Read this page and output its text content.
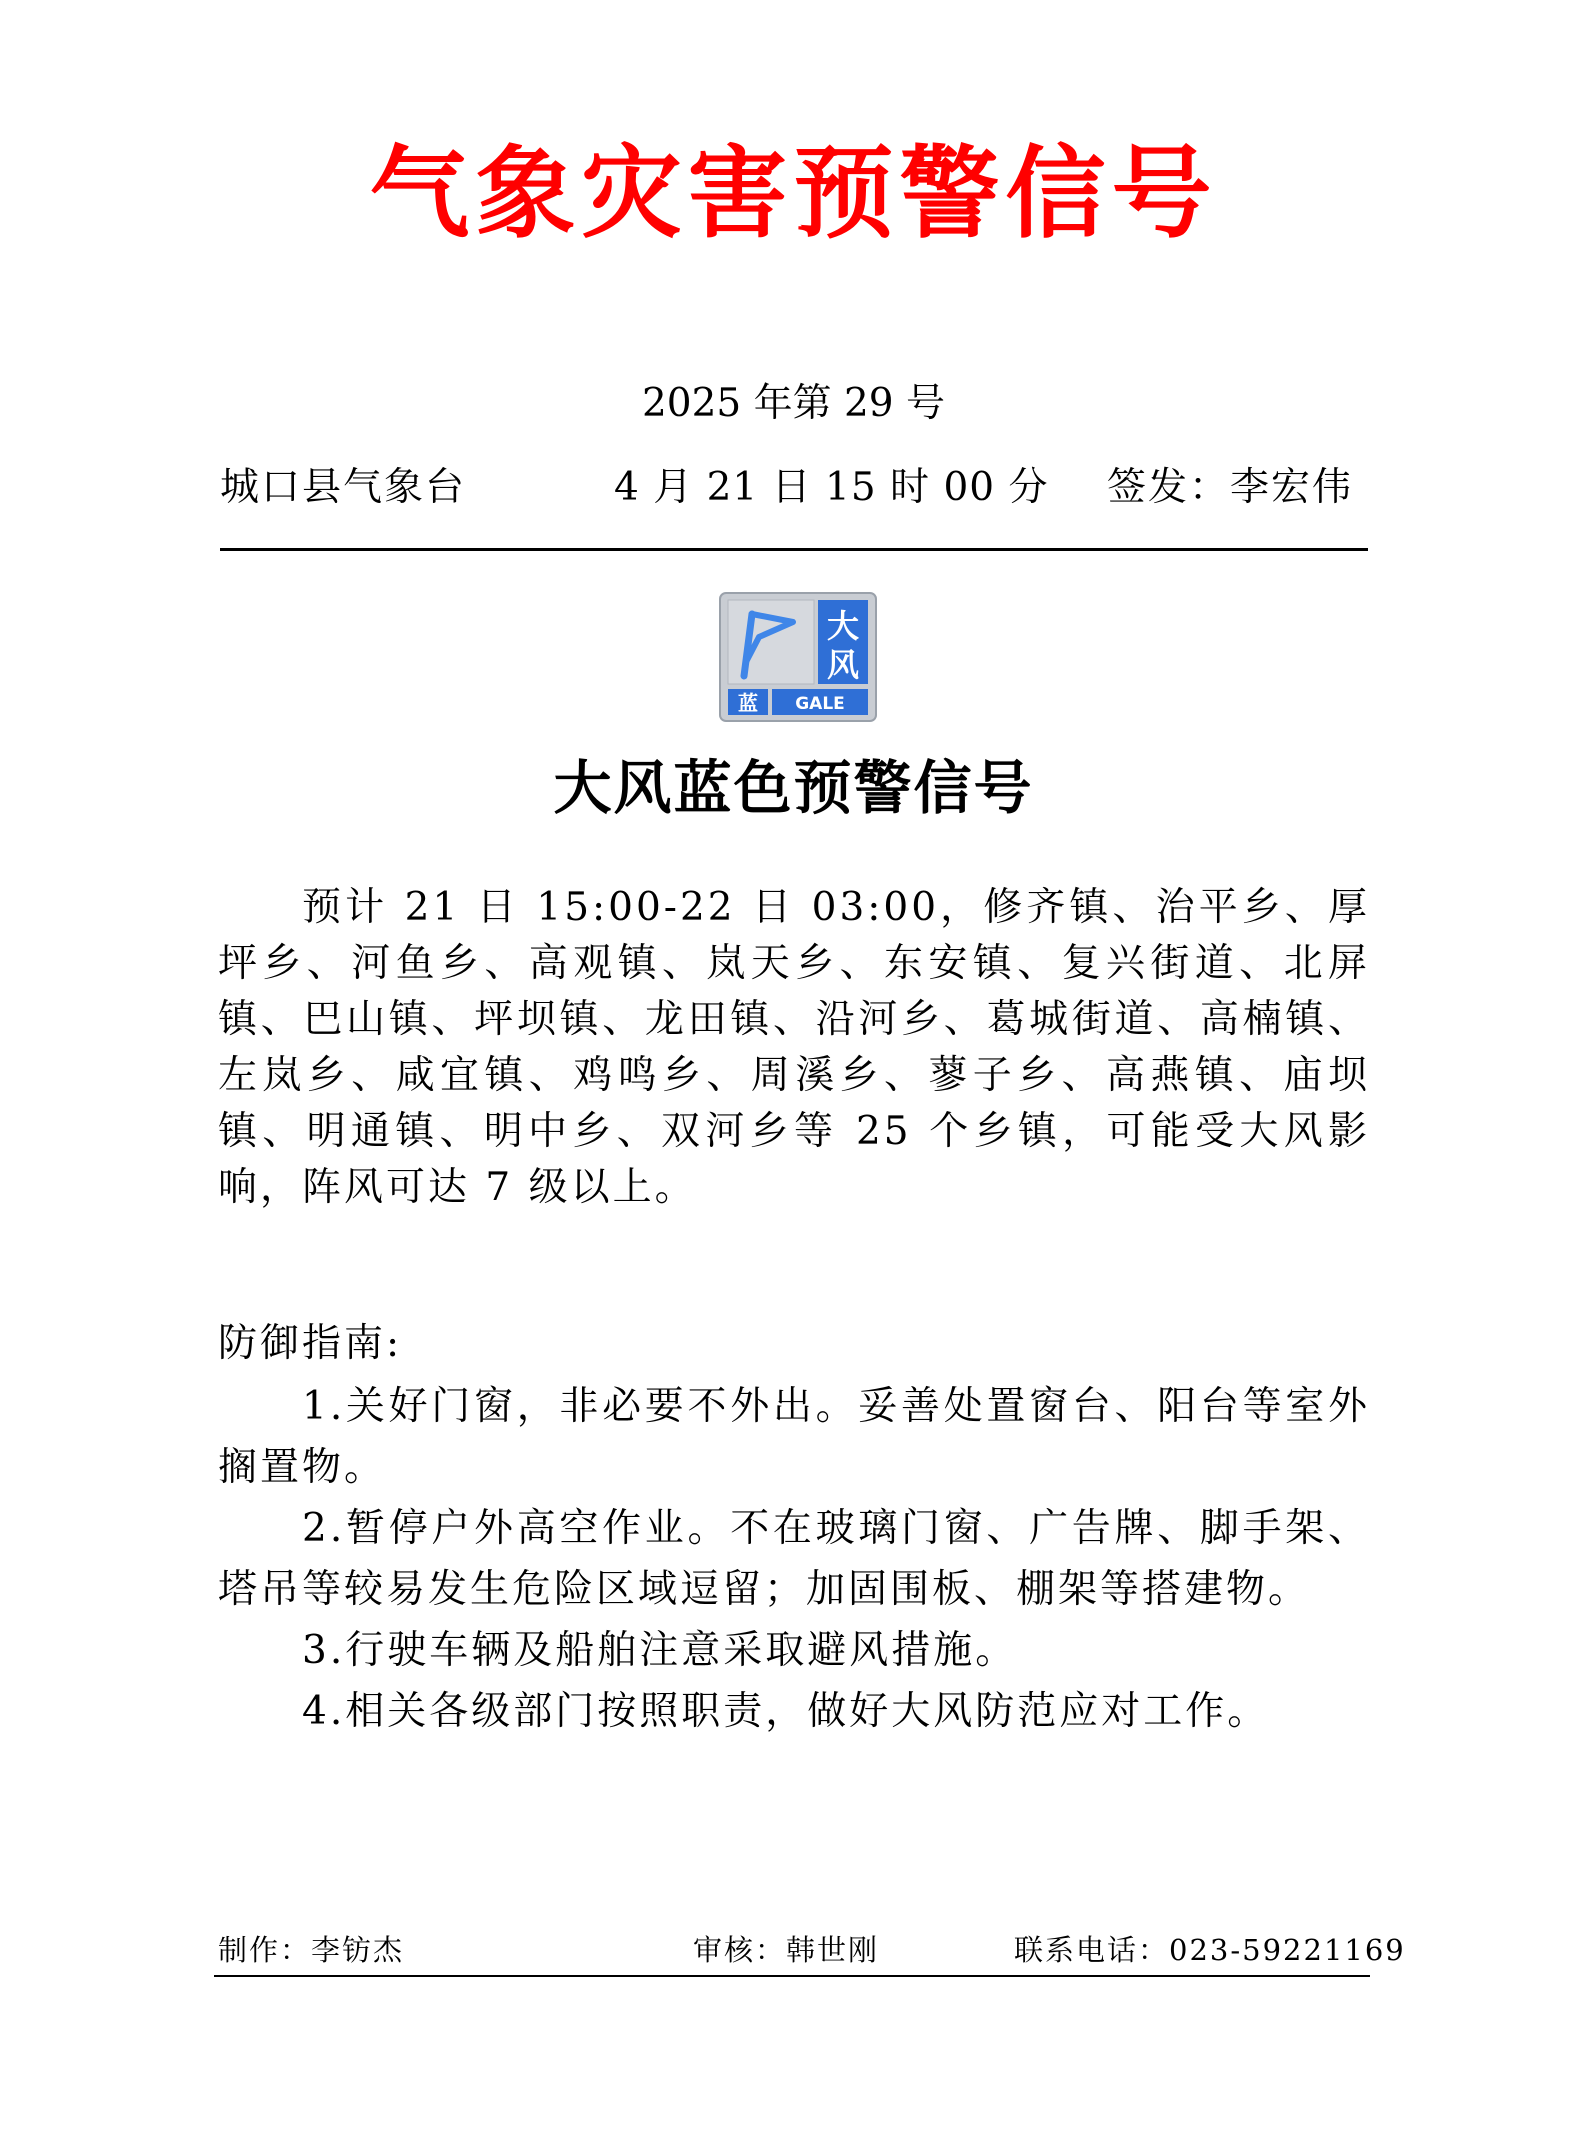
气象灾害预警信号
2025 年第 29 号
城口县气象台	4 月 21 日 15 时 00 分 签发：李宏伟
大
风
蓝 GALE
大风蓝色预警信号

预计 21 日 15:00-22 日 03:00，修齐镇、治平乡、厚坪乡、河鱼乡、高观镇、岚天乡、东安镇、复兴街道、北屏镇、巴山镇、坪坝镇、龙田镇、沿河乡、葛城街道、高楠镇、左岚乡、咸宜镇、鸡鸣乡、周溪乡、蓼子乡、高燕镇、庙坝镇、明通镇、明中乡、双河乡等 25 个乡镇，可能受大风影响，阵风可达 7 级以上。

防御指南:

1.关好门窗，非必要不外出。妥善处置窗台、阳台等室外搁置物。
2.暂停户外高空作业。不在玻璃门窗、广告牌、脚手架、塔吊等较易发生危险区域逗留；加固围板、棚架等搭建物。
3.行驶车辆及船舶注意采取避风措施。
4.相关各级部门按照职责，做好大风防范应对工作。
制作：李钫杰	审核：韩世刚	联系电话：023-59221169
